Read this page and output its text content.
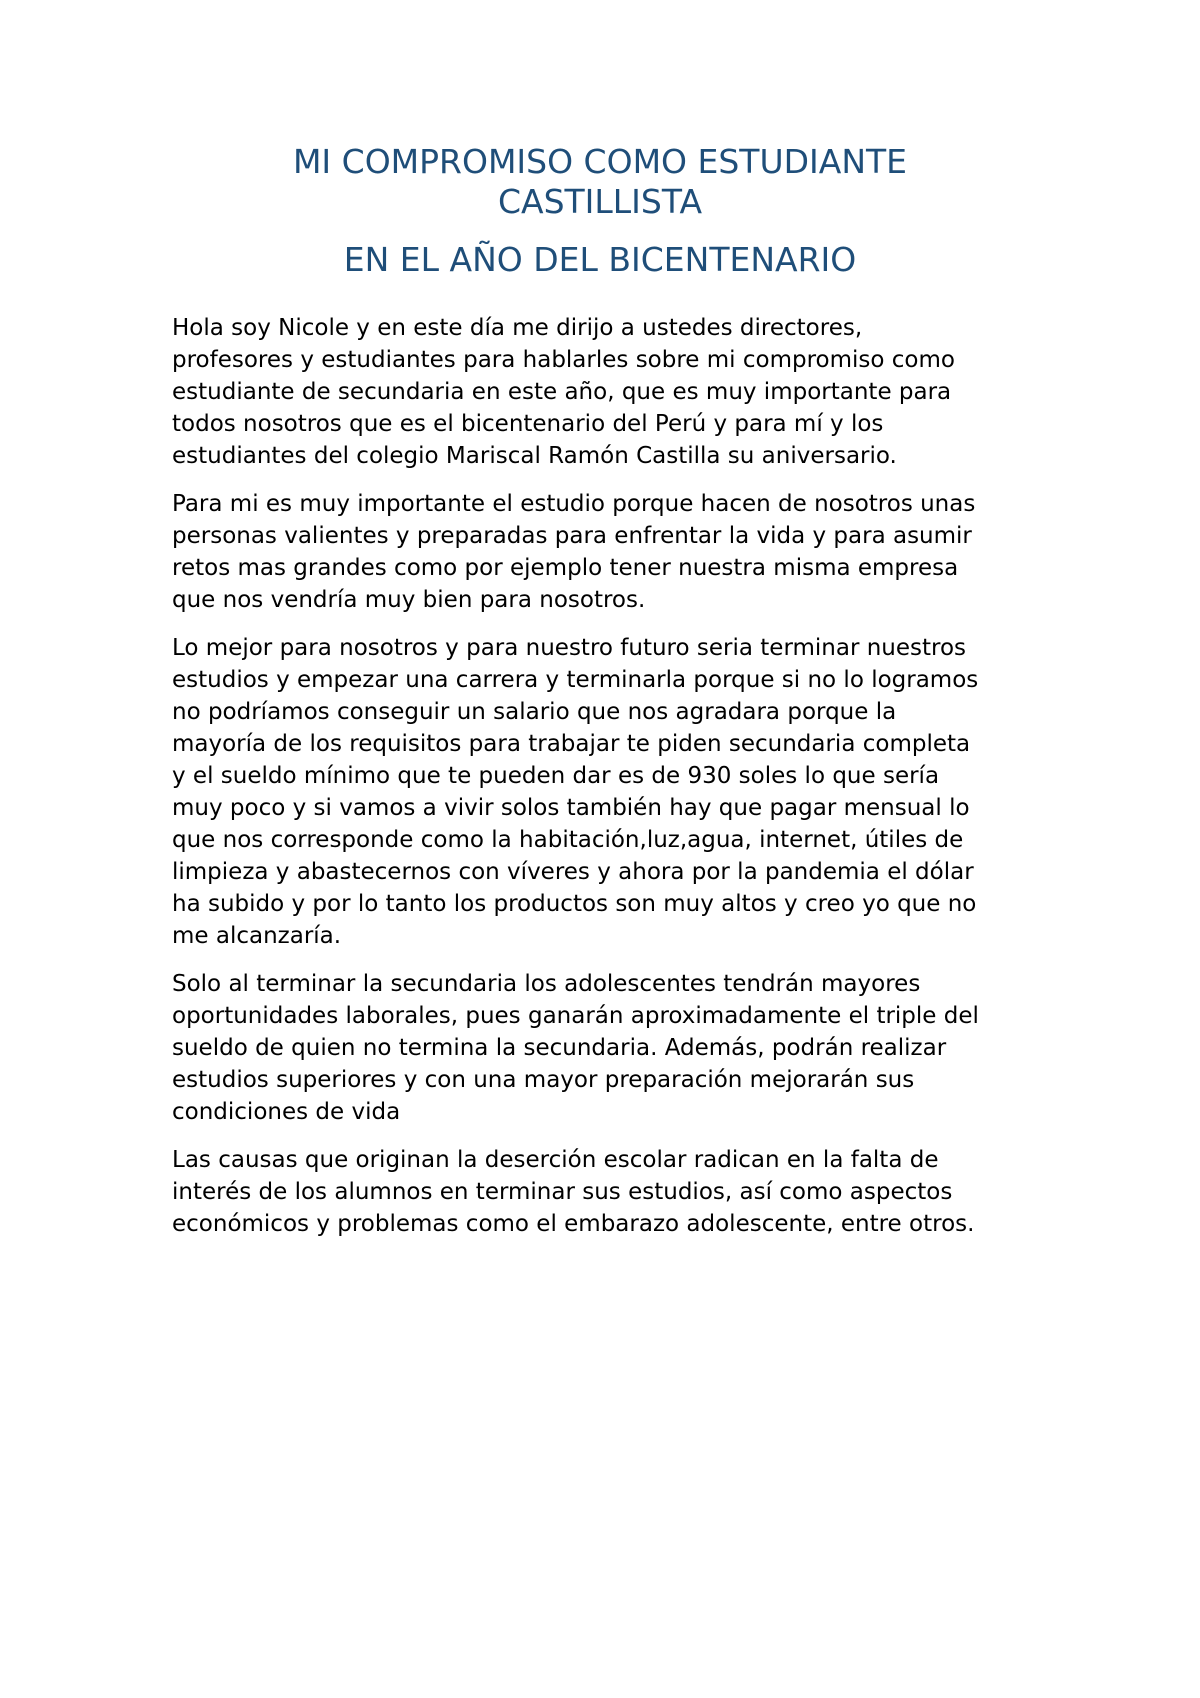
MI COMPROMISO COMO ESTUDIANTE
CASTILLISTA
EN EL AÑO DEL BICENTENARIO

Hola soy Nicole y en este día me dirijo a ustedes directores,
profesores y estudiantes para hablarles sobre mi compromiso como
estudiante de secundaria en este año, que es muy importante para
todos nosotros que es el bicentenario del Perú y para mí y los
estudiantes del colegio Mariscal Ramón Castilla su aniversario.

Para mi es muy importante el estudio porque hacen de nosotros unas
personas valientes y preparadas para enfrentar la vida y para asumir
retos mas grandes como por ejemplo tener nuestra misma empresa
que nos vendría muy bien para nosotros.

Lo mejor para nosotros y para nuestro futuro seria terminar nuestros
estudios y empezar una carrera y terminarla porque si no lo logramos
no podríamos conseguir un salario que nos agradara porque la
mayoría de los requisitos para trabajar te piden secundaria completa
y el sueldo mínimo que te pueden dar es de 930 soles lo que sería
muy poco y si vamos a vivir solos también hay que pagar mensual lo
que nos corresponde como la habitación,luz,agua, internet, útiles de
limpieza y abastecernos con víveres y ahora por la pandemia el dólar
ha subido y por lo tanto los productos son muy altos y creo yo que no
me alcanzaría.

Solo al terminar la secundaria los adolescentes tendrán mayores
oportunidades laborales, pues ganarán aproximadamente el triple del
sueldo de quien no termina la secundaria. Además, podrán realizar
estudios superiores y con una mayor preparación mejorarán sus
condiciones de vida

Las causas que originan la deserción escolar radican en la falta de
interés de los alumnos en terminar sus estudios, así como aspectos
económicos y problemas como el embarazo adolescente, entre otros.
